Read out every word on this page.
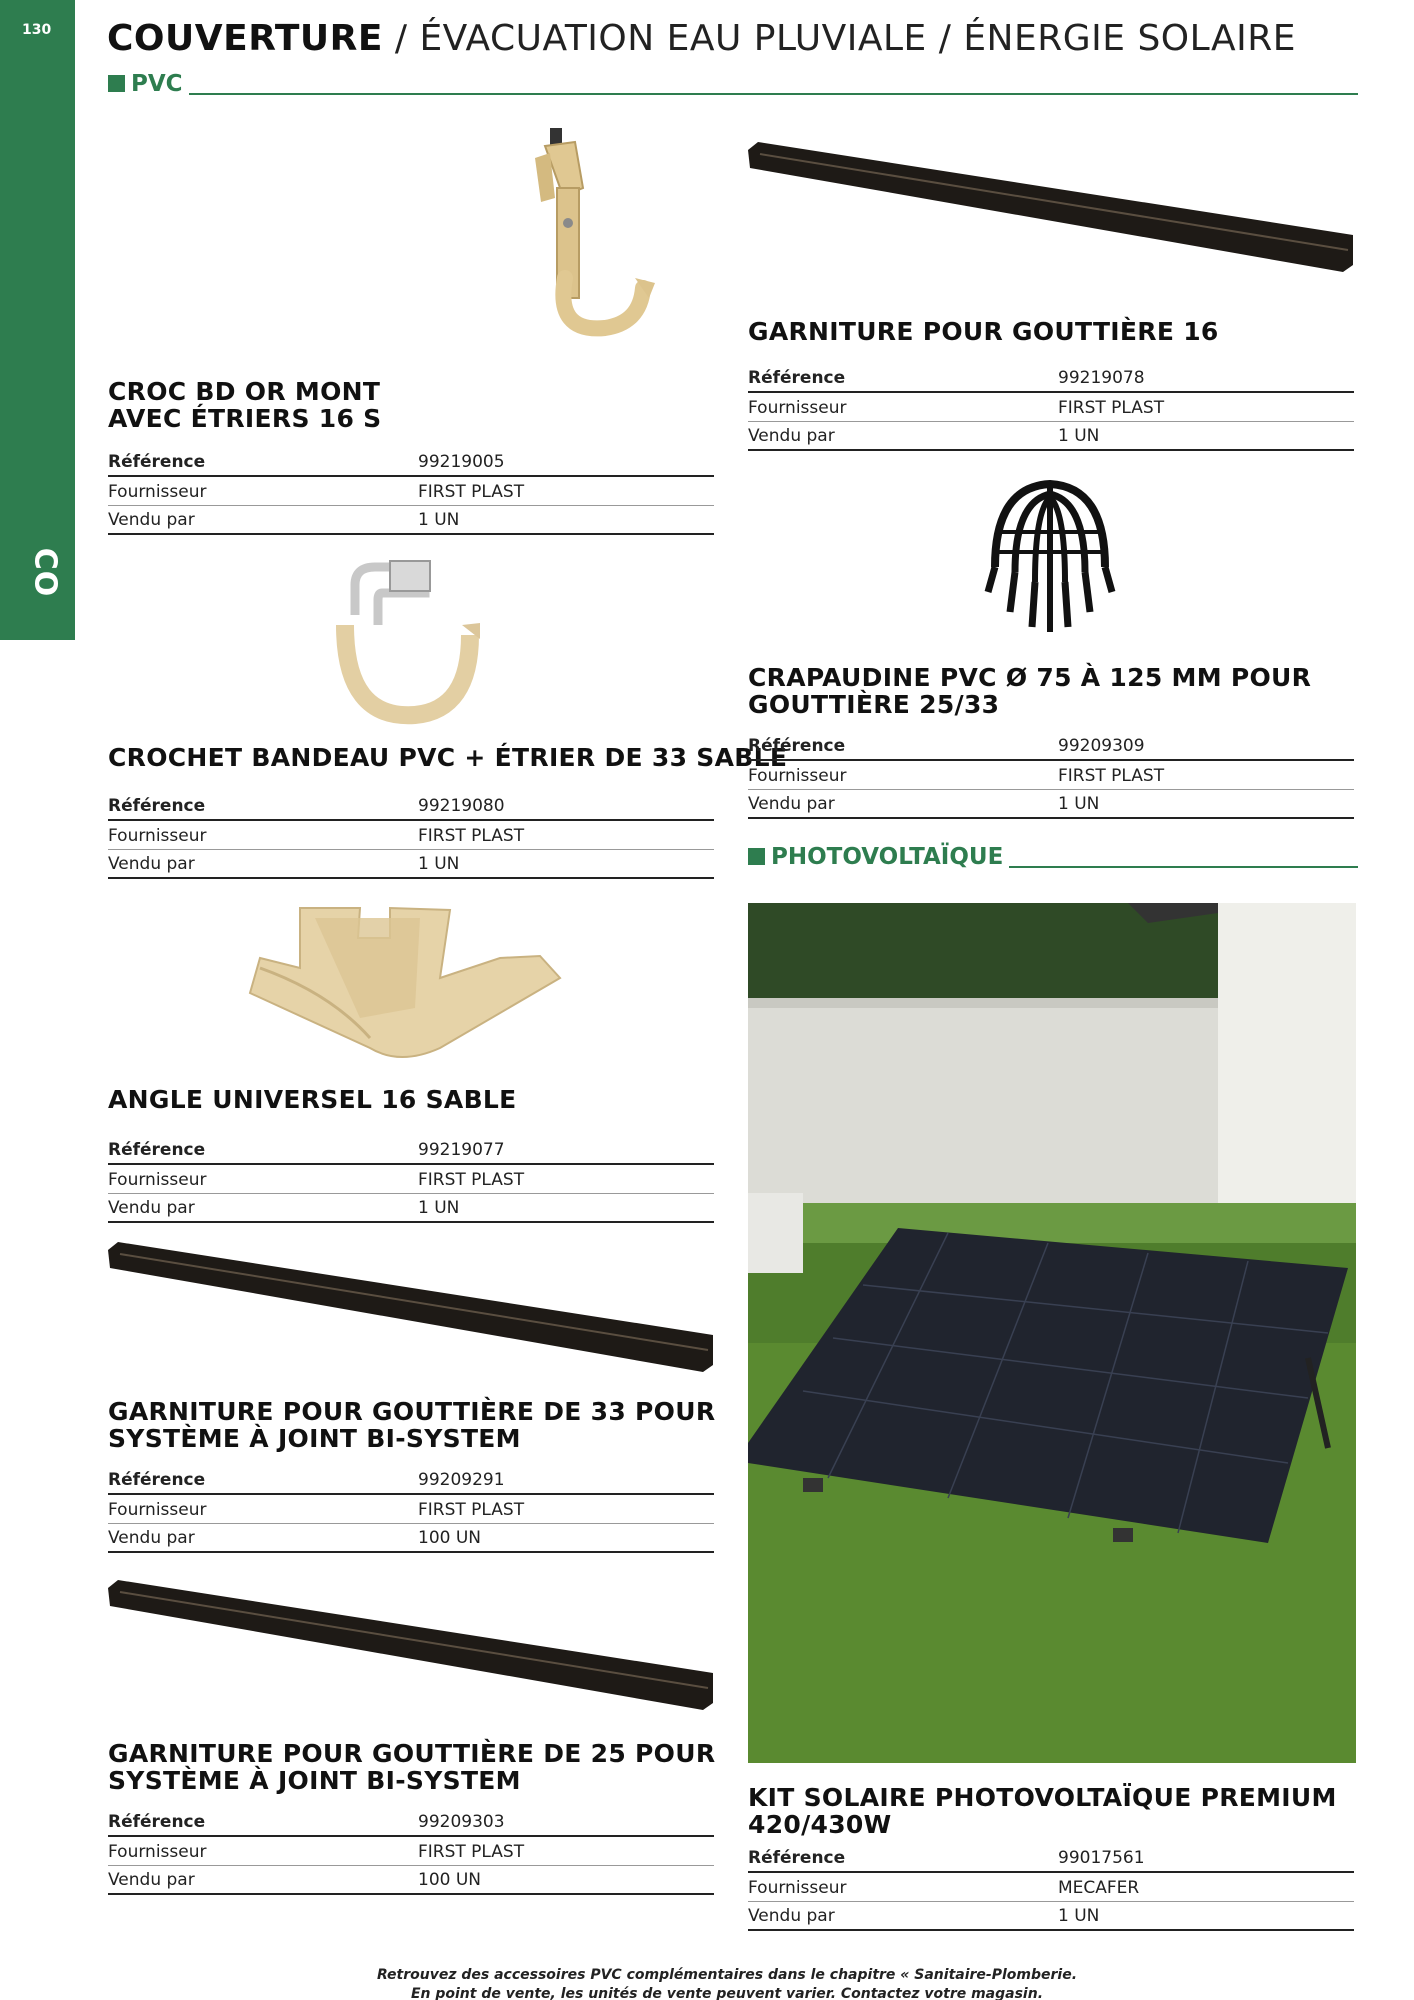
130
CO
COUVERTURE / ÉVACUATION EAU PLUVIALE / ÉNERGIE SOLAIRE
PVC
CROC BD OR MONT
AVEC ÉTRIERS 16 S
Référence	99219005
Fournisseur	FIRST PLAST
Vendu par	1 UN
CROCHET BANDEAU PVC + ÉTRIER DE 33 SABLE
Référence	99219080
Fournisseur	FIRST PLAST
Vendu par	1 UN
ANGLE UNIVERSEL 16 SABLE
Référence	99219077
Fournisseur	FIRST PLAST
Vendu par	1 UN
GARNITURE POUR GOUTTIÈRE DE 33 POUR
SYSTÈME À JOINT BI-SYSTEM
Référence	99209291
Fournisseur	FIRST PLAST
Vendu par	100 UN
GARNITURE POUR GOUTTIÈRE DE 25 POUR
SYSTÈME À JOINT BI-SYSTEM
Référence	99209303
Fournisseur	FIRST PLAST
Vendu par	100 UN
GARNITURE POUR GOUTTIÈRE 16
Référence	99219078
Fournisseur	FIRST PLAST
Vendu par	1 UN
CRAPAUDINE PVC Ø 75 À 125 MM POUR
GOUTTIÈRE 25/33
Référence	99209309
Fournisseur	FIRST PLAST
Vendu par	1 UN
PHOTOVOLTAÏQUE
KIT SOLAIRE PHOTOVOLTAÏQUE PREMIUM
420/430W
Référence	99017561
Fournisseur	MECAFER
Vendu par	1 UN
Retrouvez des accessoires PVC complémentaires dans le chapitre « Sanitaire-Plomberie.
En point de vente, les unités de vente peuvent varier. Contactez votre magasin.
